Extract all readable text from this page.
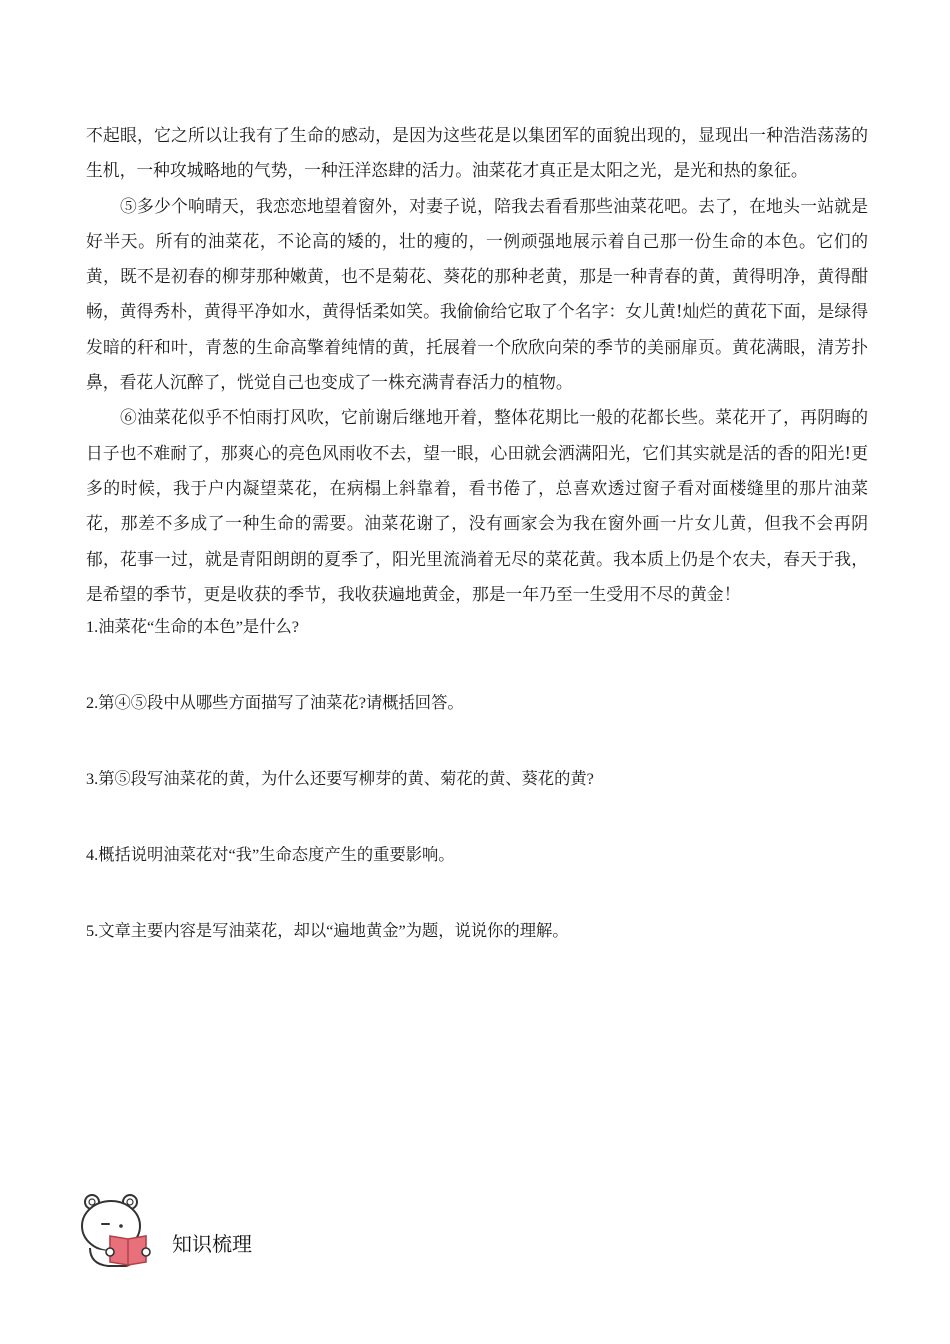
不起眼，它之所以让我有了生命的感动，是因为这些花是以集团军的面貌出现的，显现出一种浩浩荡荡的生机，一种攻城略地的气势，一种汪洋恣肆的活力。油菜花才真正是太阳之光，是光和热的象征。

⑤多少个响晴天，我恋恋地望着窗外，对妻子说，陪我去看看那些油菜花吧。去了，在地头一站就是好半天。所有的油菜花，不论高的矮的，壮的瘦的，一例顽强地展示着自己那一份生命的本色。它们的黄，既不是初春的柳芽那种嫩黄，也不是菊花、葵花的那种老黄，那是一种青春的黄，黄得明净，黄得酣畅，黄得秀朴，黄得平净如水，黄得恬柔如笑。我偷偷给它取了个名字：女儿黄!灿烂的黄花下面，是绿得发暗的秆和叶，青葱的生命高擎着纯情的黄，托展着一个欣欣向荣的季节的美丽扉页。黄花满眼，清芳扑鼻，看花人沉醉了，恍觉自己也变成了一株充满青春活力的植物。

⑥油菜花似乎不怕雨打风吹，它前谢后继地开着，整体花期比一般的花都长些。菜花开了，再阴晦的日子也不难耐了，那爽心的亮色风雨收不去，望一眼，心田就会洒满阳光，它们其实就是活的香的阳光!更多的时候，我于户内凝望菜花，在病榻上斜靠着，看书倦了，总喜欢透过窗子看对面楼缝里的那片油菜花，那差不多成了一种生命的需要。油菜花谢了，没有画家会为我在窗外画一片女儿黄，但我不会再阴郁，花事一过，就是青阳朗朗的夏季了，阳光里流淌着无尽的菜花黄。我本质上仍是个农夫，春天于我，是希望的季节，更是收获的季节，我收获遍地黄金，那是一年乃至一生受用不尽的黄金！

1.油菜花“生命的本色”是什么?

2.第④⑤段中从哪些方面描写了油菜花?请概括回答。

3.第⑤段写油菜花的黄，为什么还要写柳芽的黄、菊花的黄、葵花的黄?

4.概括说明油菜花对“我”生命态度产生的重要影响。

5.文章主要内容是写油菜花，却以“遍地黄金”为题，说说你的理解。

知识梳理
